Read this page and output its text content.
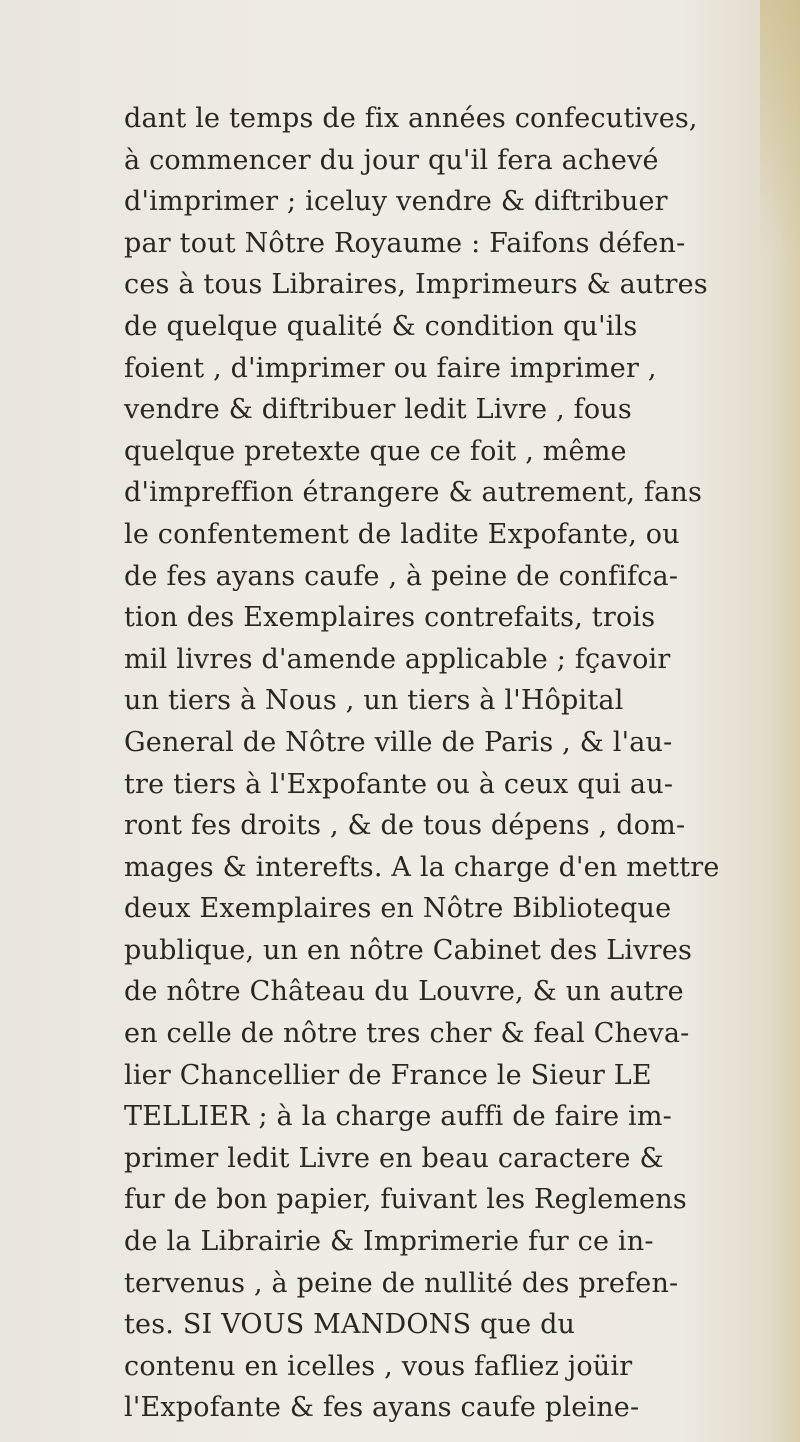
dant le temps de fix années confecutives,
à commencer du jour qu'il fera achevé
d'imprimer ; iceluy vendre & diftribuer
par tout Nôtre Royaume : Faifons défen-
ces à tous Libraires, Imprimeurs & autres
de quelque qualité & condition qu'ils
foient , d'imprimer ou faire imprimer ,
vendre & diftribuer ledit Livre , fous
quelque pretexte que ce foit , même
d'impreffion étrangere & autrement, fans
le confentement de ladite Expofante, ou
de fes ayans caufe , à peine de confifca-
tion des Exemplaires contrefaits, trois
mil livres d'amende applicable ; fçavoir
un tiers à Nous , un tiers à l'Hôpital
General de Nôtre ville de Paris , & l'au-
tre tiers à l'Expofante ou à ceux qui au-
ront fes droits , & de tous dépens , dom-
mages & interefts. A la charge d'en mettre
deux Exemplaires en Nôtre Biblioteque
publique, un en nôtre Cabinet des Livres
de nôtre Château du Louvre, & un autre
en celle de nôtre tres cher & feal Cheva-
lier Chancellier de France le Sieur LE
TELLIER ; à la charge auffi de faire im-
primer ledit Livre en beau caractere &
fur de bon papier, fuivant les Reglemens
de la Librairie & Imprimerie fur ce in-
tervenus , à peine de nullité des prefen-
tes. SI VOUS MANDONS que du
contenu en icelles , vous fafliez joüir
l'Expofante & fes ayans caufe pleine-
